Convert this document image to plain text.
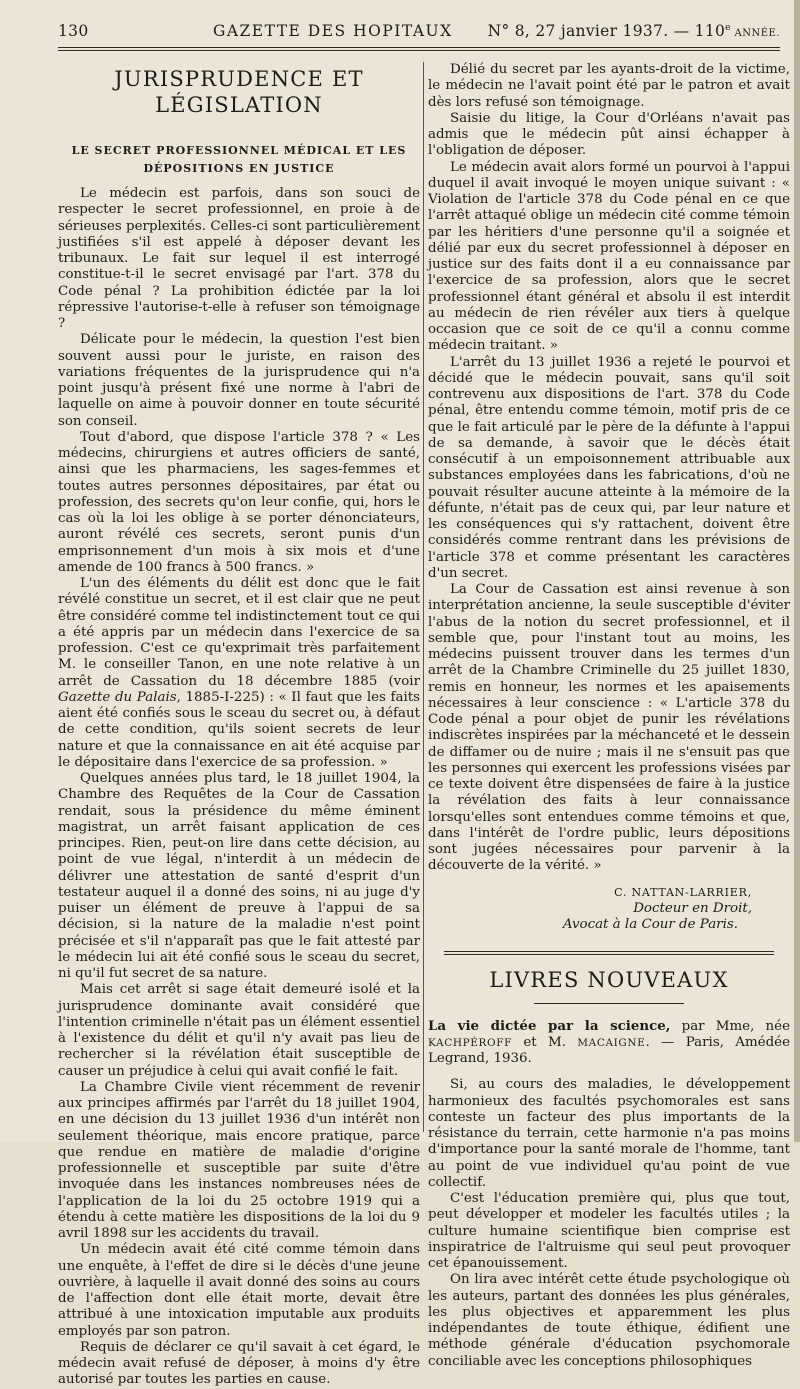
130	GAZETTE DES HOPITAUX	N° 8, 27 janvier 1937. — 110e ANNÉE.
JURISPRUDENCE ET LÉGISLATION
LE SECRET PROFESSIONNEL MÉDICAL ET LES DÉPOSITIONS EN JUSTICE

Le médecin est parfois, dans son souci de respecter le secret professionnel, en proie à de sérieuses perplexités. Celles-ci sont particulièrement justifiées s'il est appelé à déposer devant les tribunaux. Le fait sur lequel il est interrogé constitue-t-il le secret envisagé par l'art. 378 du Code pénal ? La prohibition édictée par la loi répressive l'autorise-t-elle à refuser son témoignage ?

Délicate pour le médecin, la question l'est bien souvent aussi pour le juriste, en raison des variations fréquentes de la jurisprudence qui n'a point jusqu'à présent fixé une norme à l'abri de laquelle on aime à pouvoir donner en toute sécurité son conseil.

Tout d'abord, que dispose l'article 378 ? « Les médecins, chirurgiens et autres officiers de santé, ainsi que les pharmaciens, les sages-femmes et toutes autres personnes dépositaires, par état ou profession, des secrets qu'on leur confie, qui, hors le cas où la loi les oblige à se porter dénonciateurs, auront révélé ces secrets, seront punis d'un emprisonnement d'un mois à six mois et d'une amende de 100 francs à 500 francs. »

L'un des éléments du délit est donc que le fait révélé constitue un secret, et il est clair que ne peut être considéré comme tel indistinctement tout ce qui a été appris par un médecin dans l'exercice de sa profession. C'est ce qu'exprimait très parfaitement M. le conseiller Tanon, en une note relative à un arrêt de Cassation du 18 décembre 1885 (voir Gazette du Palais, 1885-I-225) : « Il faut que les faits aient été confiés sous le sceau du secret ou, à défaut de cette condition, qu'ils soient secrets de leur nature et que la connaissance en ait été acquise par le dépositaire dans l'exercice de sa profession. »

Quelques années plus tard, le 18 juillet 1904, la Chambre des Requêtes de la Cour de Cassation rendait, sous la présidence du même éminent magistrat, un arrêt faisant application de ces principes. Rien, peut-on lire dans cette décision, au point de vue légal, n'interdit à un médecin de délivrer une attestation de santé d'esprit d'un testateur auquel il a donné des soins, ni au juge d'y puiser un élément de preuve à l'appui de sa décision, si la nature de la maladie n'est point précisée et s'il n'apparaît pas que le fait attesté par le médecin lui ait été confié sous le sceau du secret, ni qu'il fut secret de sa nature.

Mais cet arrêt si sage était demeuré isolé et la jurisprudence dominante avait considéré que l'intention criminelle n'était pas un élément essentiel à l'existence du délit et qu'il n'y avait pas lieu de rechercher si la révélation était susceptible de causer un préjudice à celui qui avait confié le fait.

La Chambre Civile vient récemment de revenir aux principes affirmés par l'arrêt du 18 juillet 1904, en une décision du 13 juillet 1936 d'un intérêt non seulement théorique, mais encore pratique, parce que rendue en matière de maladie d'origine professionnelle et susceptible par suite d'être invoquée dans les instances nombreuses nées de l'application de la loi du 25 octobre 1919 qui a étendu à cette matière les dispositions de la loi du 9 avril 1898 sur les accidents du travail.

Un médecin avait été cité comme témoin dans une enquête, à l'effet de dire si le décès d'une jeune ouvrière, à laquelle il avait donné des soins au cours de l'affection dont elle était morte, devait être attribué à une intoxication imputable aux produits employés par son patron.

Requis de déclarer ce qu'il savait à cet égard, le médecin avait refusé de déposer, à moins d'y être autorisé par toutes les parties en cause.

Délié du secret par les ayants-droit de la victime, le médecin ne l'avait point été par le patron et avait dès lors refusé son témoignage.

Saisie du litige, la Cour d'Orléans n'avait pas admis que le médecin pût ainsi échapper à l'obligation de déposer.

Le médecin avait alors formé un pourvoi à l'appui duquel il avait invoqué le moyen unique suivant : « Violation de l'article 378 du Code pénal en ce que l'arrêt attaqué oblige un médecin cité comme témoin par les héritiers d'une personne qu'il a soignée et délié par eux du secret professionnel à déposer en justice sur des faits dont il a eu connaissance par l'exercice de sa profession, alors que le secret professionnel étant général et absolu il est interdit au médecin de rien révéler aux tiers à quelque occasion que ce soit de ce qu'il a connu comme médecin traitant. »

L'arrêt du 13 juillet 1936 a rejeté le pourvoi et décidé que le médecin pouvait, sans qu'il soit contrevenu aux dispositions de l'art. 378 du Code pénal, être entendu comme témoin, motif pris de ce que le fait articulé par le père de la défunte à l'appui de sa demande, à savoir que le décès était consécutif à un empoisonnement attribuable aux substances employées dans les fabrications, d'où ne pouvait résulter aucune atteinte à la mémoire de la défunte, n'était pas de ceux qui, par leur nature et les conséquences qui s'y rattachent, doivent être considérés comme rentrant dans les prévisions de l'article 378 et comme présentant les caractères d'un secret.

La Cour de Cassation est ainsi revenue à son interprétation ancienne, la seule susceptible d'éviter l'abus de la notion du secret professionnel, et il semble que, pour l'instant tout au moins, les médecins puissent trouver dans les termes d'un arrêt de la Chambre Criminelle du 25 juillet 1830, remis en honneur, les normes et les apaisements nécessaires à leur conscience : « L'article 378 du Code pénal a pour objet de punir les révélations indiscrètes inspirées par la méchanceté et le dessein de diffamer ou de nuire ; mais il ne s'ensuit pas que les personnes qui exercent les professions visées par ce texte doivent être dispensées de faire à la justice la révélation des faits à leur connaissance lorsqu'elles sont entendues comme témoins et que, dans l'intérêt de l'ordre public, leurs dépositions sont jugées nécessaires pour parvenir à la découverte de la vérité. »

C. NATTAN-LARRIER,
Docteur en Droit,
Avocat à la Cour de Paris.
LIVRES NOUVEAUX

La vie dictée par la science, par Mme, née KACHPÉROFF et M. MACAIGNE. — Paris, Amédée Legrand, 1936.

Si, au cours des maladies, le développement harmonieux des facultés psychomorales est sans conteste un facteur des plus importants de la résistance du terrain, cette harmonie n'a pas moins d'importance pour la santé morale de l'homme, tant au point de vue individuel qu'au point de vue collectif.

C'est l'éducation première qui, plus que tout, peut développer et modeler les facultés utiles ; la culture humaine scientifique bien comprise est inspiratrice de l'altruisme qui seul peut provoquer cet épanouissement.

On lira avec intérêt cette étude psychologique où les auteurs, partant des données les plus générales, les plus objectives et apparemment les plus indépendantes de toute éthique, édifient une méthode générale d'éducation psychomorale conciliable avec les conceptions philosophiques
